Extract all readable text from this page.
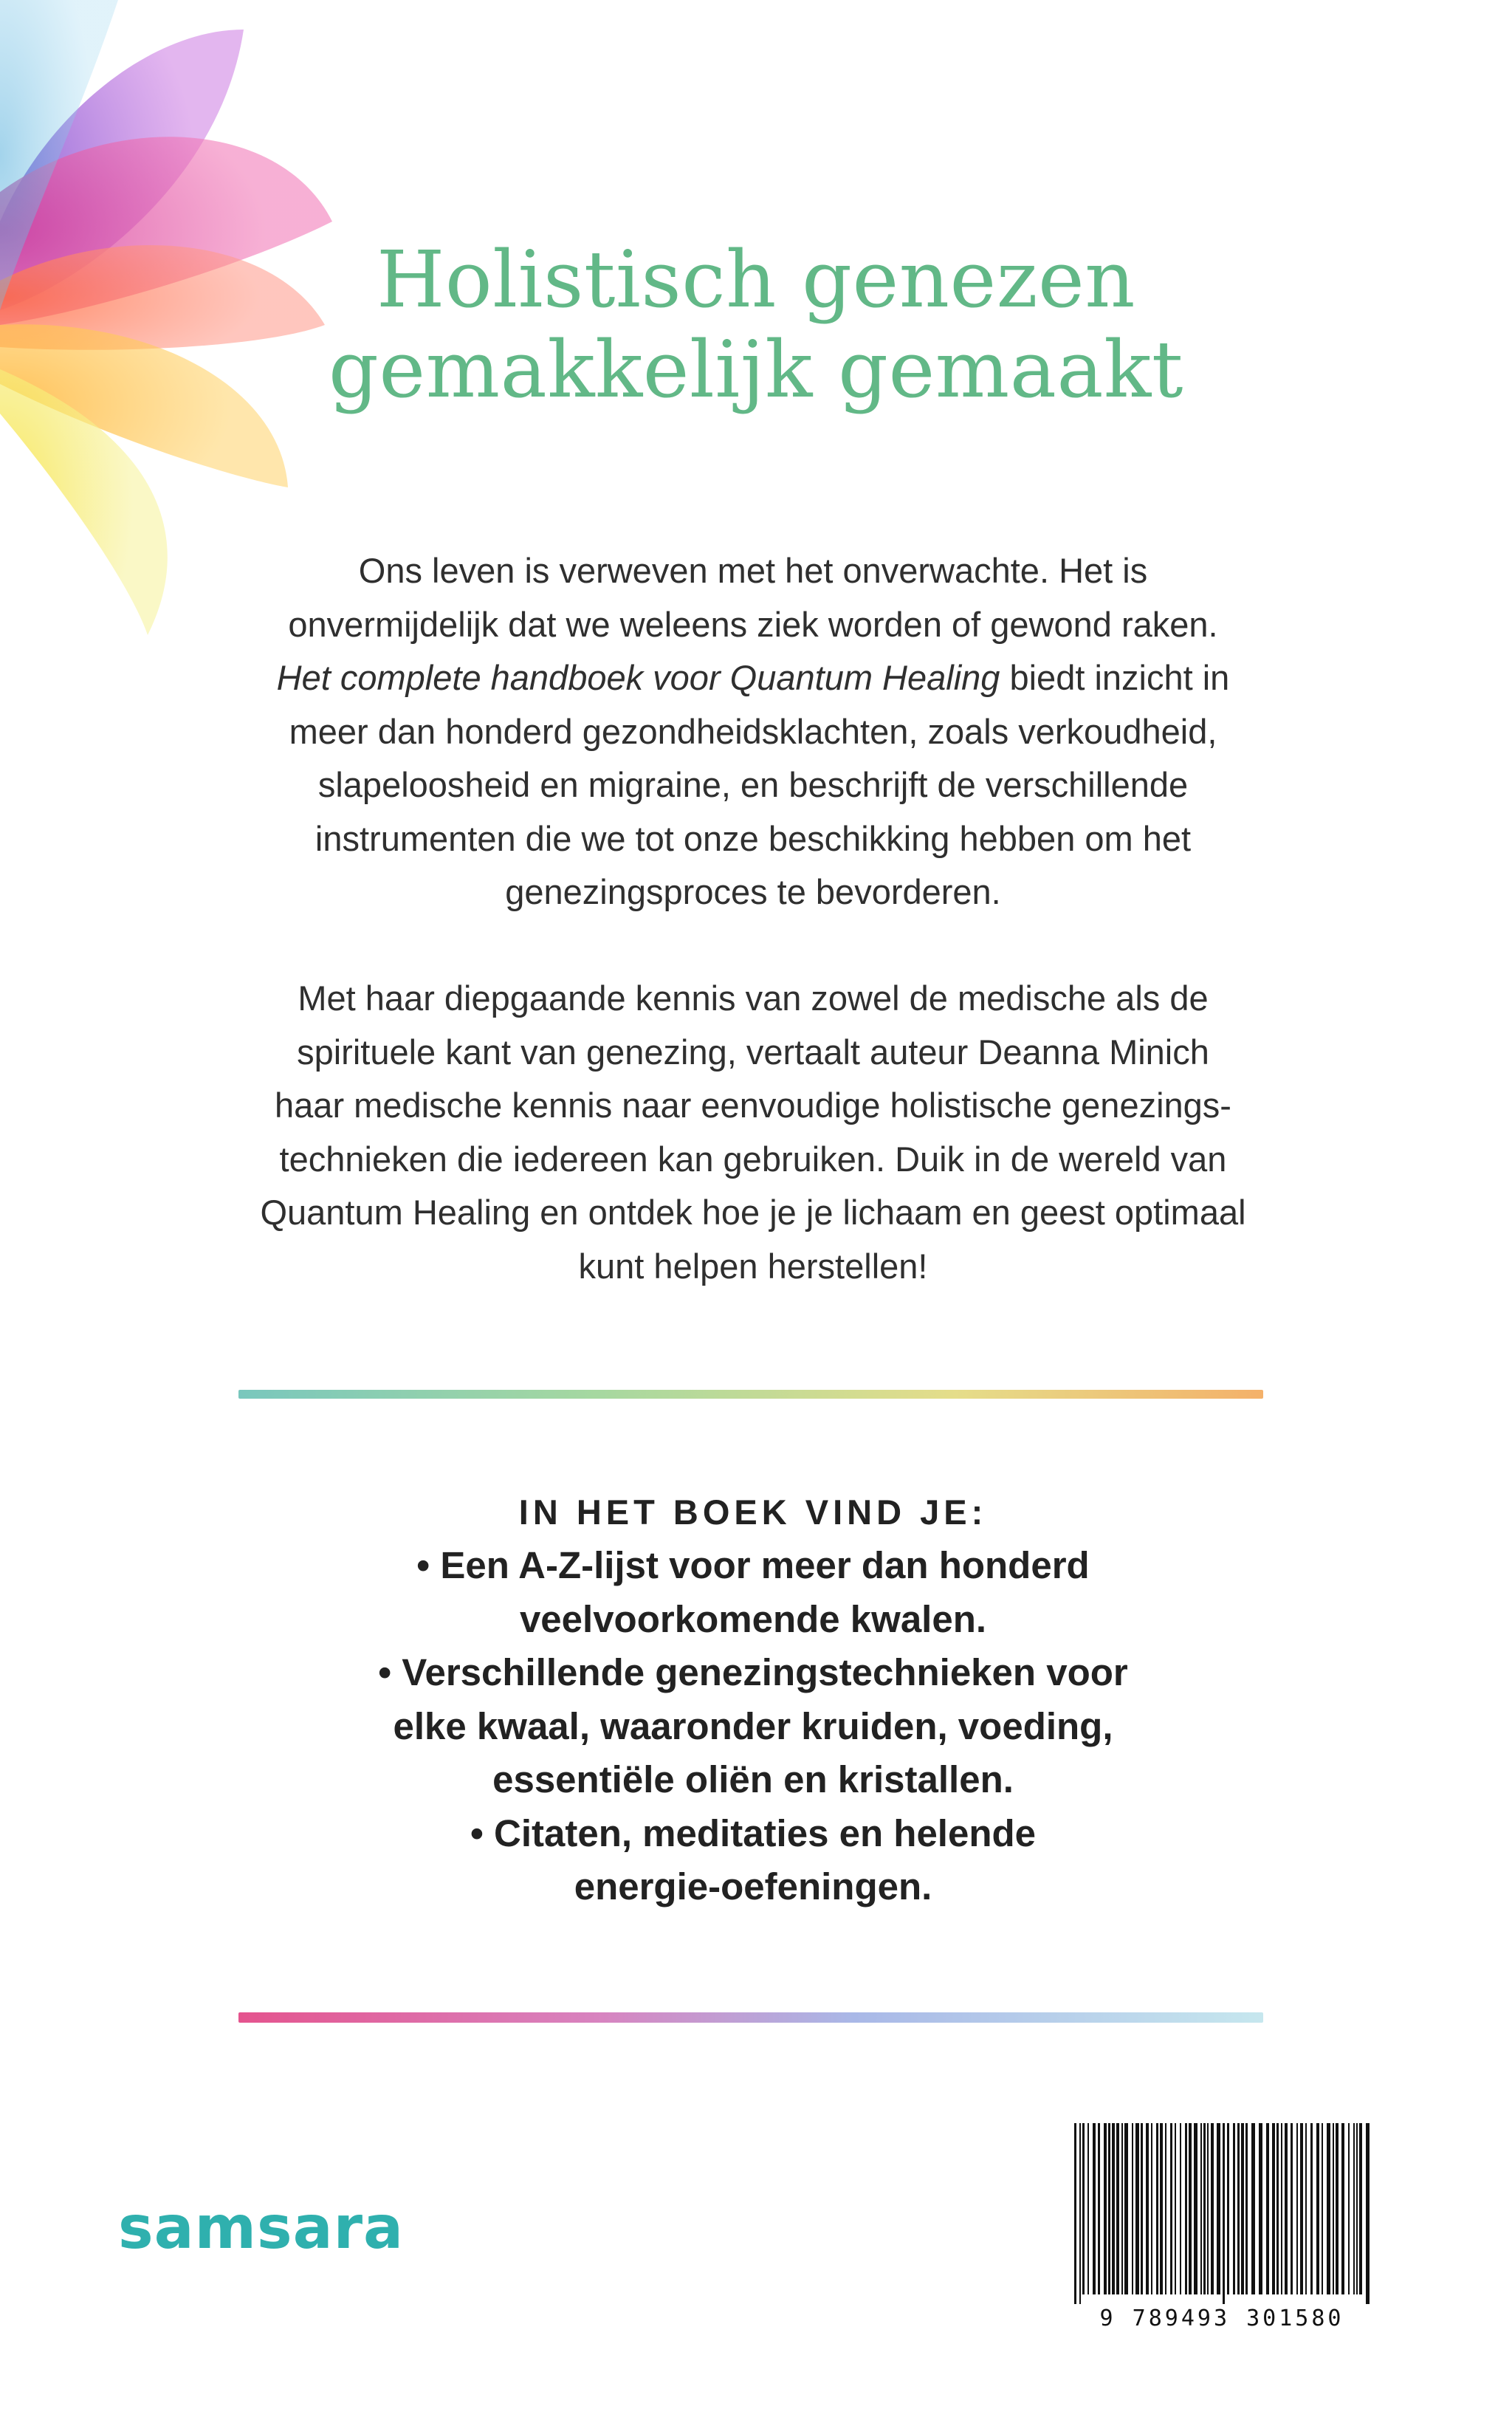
Holistisch genezen
gemakkelijk gemaakt
Ons leven is verweven met het onverwachte. Het is
onvermijdelijk dat we weleens ziek worden of gewond raken.
Het complete handboek voor Quantum Healing biedt inzicht in
meer dan honderd gezondheidsklachten, zoals verkoudheid,
slapeloosheid en migraine, en beschrijft de verschillende
instrumenten die we tot onze beschikking hebben om het
genezingsproces te bevorderen.
Met haar diepgaande kennis van zowel de medische als de
spirituele kant van genezing, vertaalt auteur Deanna Minich
haar medische kennis naar eenvoudige holistische genezings-
technieken die iedereen kan gebruiken. Duik in de wereld van
Quantum Healing en ontdek hoe je je lichaam en geest optimaal
kunt helpen herstellen!
IN HET BOEK VIND JE:
• Een A-Z-lijst voor meer dan honderd
veelvoorkomende kwalen.
• Verschillende genezingstechnieken voor
elke kwaal, waaronder kruiden, voeding,
essentiële oliën en kristallen.
• Citaten, meditaties en helende
energie-oefeningen.
samsara
9 789493 301580
